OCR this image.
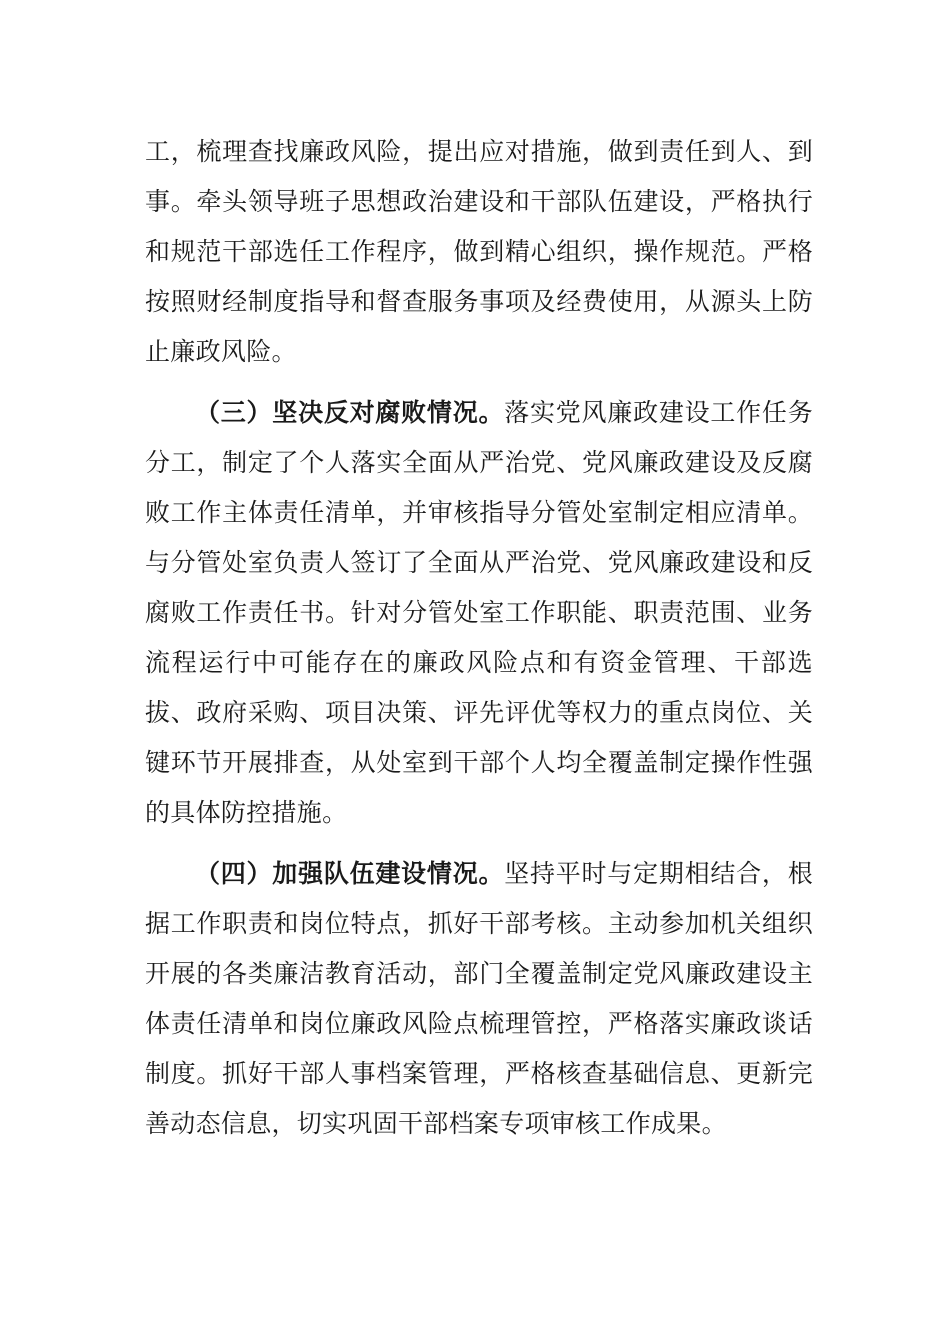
工，梳理查找廉政风险，提出应对措施，做到责任到人、到事。牵头领导班子思想政治建设和干部队伍建设，严格执行和规范干部选任工作程序，做到精心组织，操作规范。严格按照财经制度指导和督查服务事项及经费使用，从源头上防止廉政风险。

（三）坚决反对腐败情况。落实党风廉政建设工作任务分工，制定了个人落实全面从严治党、党风廉政建设及反腐败工作主体责任清单，并审核指导分管处室制定相应清单。与分管处室负责人签订了全面从严治党、党风廉政建设和反腐败工作责任书。针对分管处室工作职能、职责范围、业务流程运行中可能存在的廉政风险点和有资金管理、干部选拔、政府采购、项目决策、评先评优等权力的重点岗位、关键环节开展排查，从处室到干部个人均全覆盖制定操作性强的具体防控措施。

（四）加强队伍建设情况。坚持平时与定期相结合，根据工作职责和岗位特点，抓好干部考核。主动参加机关组织开展的各类廉洁教育活动，部门全覆盖制定党风廉政建设主体责任清单和岗位廉政风险点梳理管控，严格落实廉政谈话制度。抓好干部人事档案管理，严格核查基础信息、更新完善动态信息，切实巩固干部档案专项审核工作成果。
